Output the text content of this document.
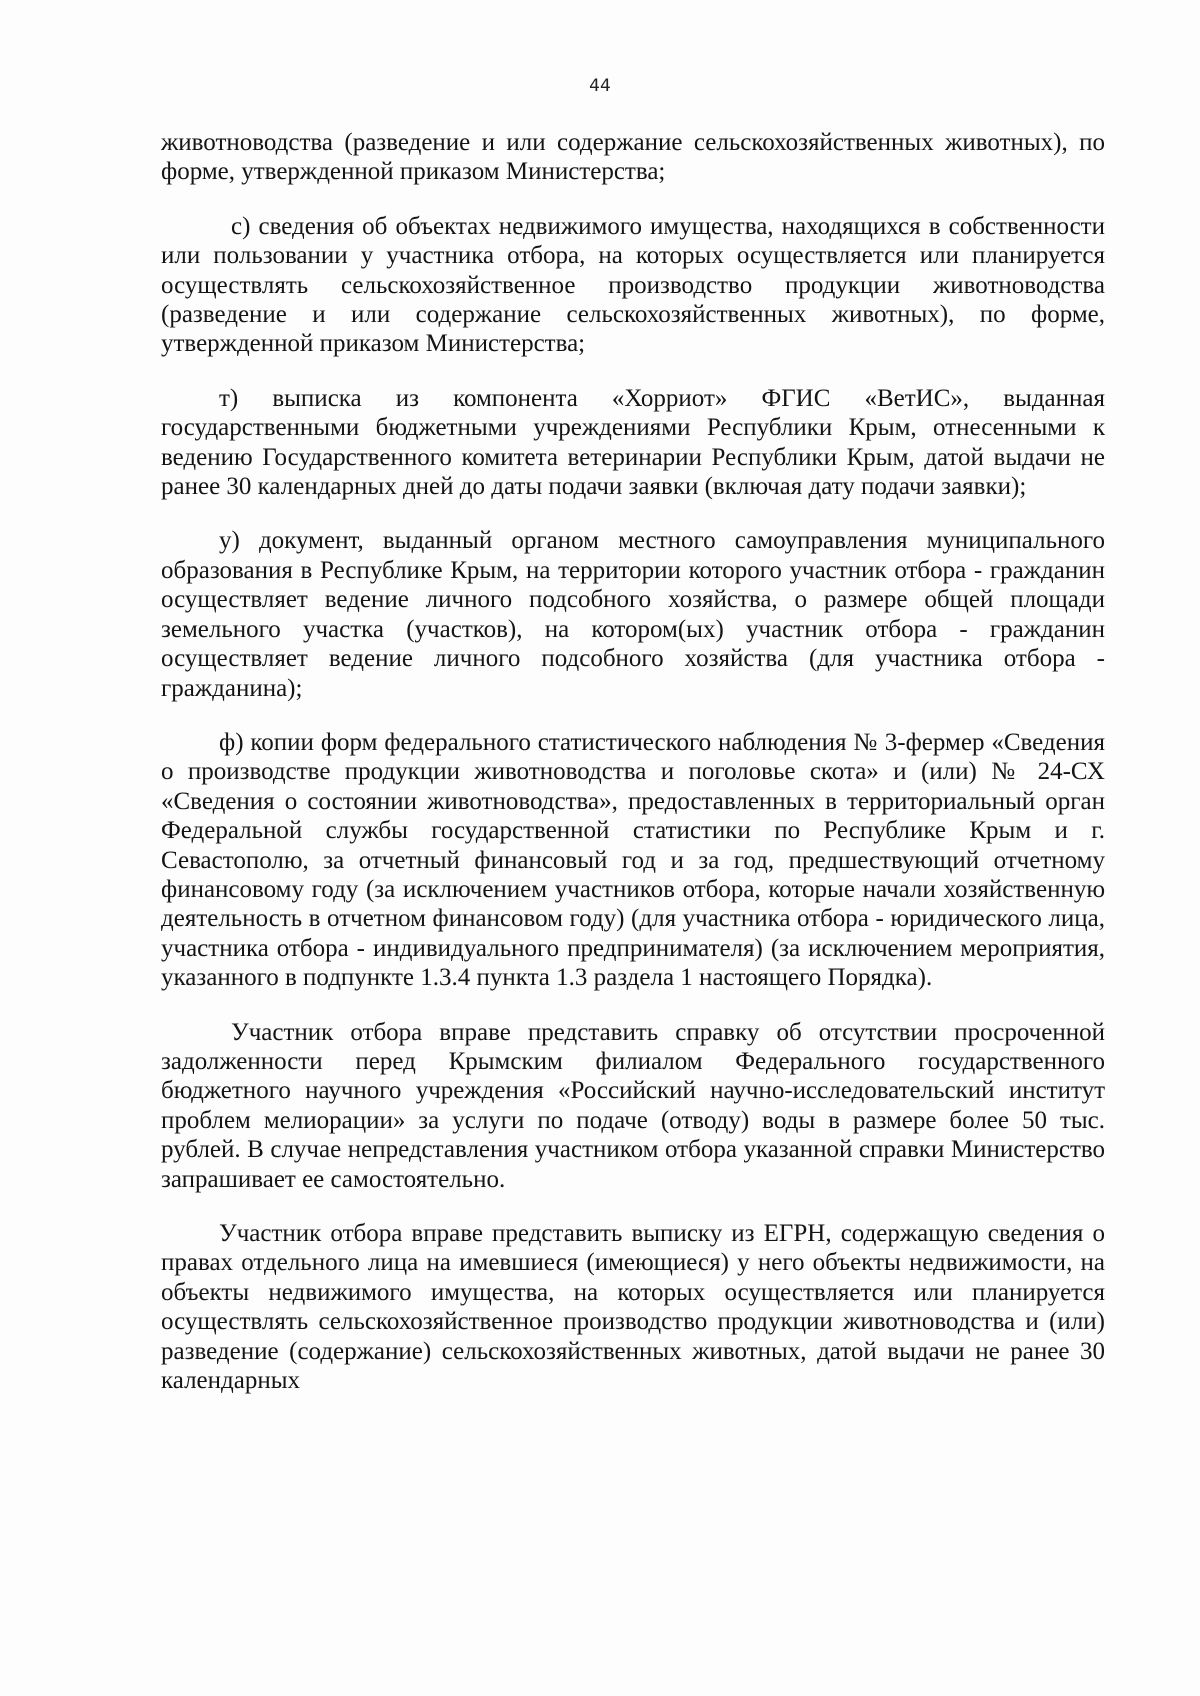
44

животноводства (разведение и или содержание сельскохозяйственных животных), по форме, утвержденной приказом Министерства;

с) сведения об объектах недвижимого имущества, находящихся в собственности или пользовании у участника отбора, на которых осуществляется или планируется осуществлять сельскохозяйственное производство продукции животноводства (разведение и или содержание сельскохозяйственных животных), по форме, утвержденной приказом Министерства;

т) выписка из компонента «Хорриот» ФГИС «ВетИС», выданная государственными бюджетными учреждениями Республики Крым, отнесенными к ведению Государственного комитета ветеринарии Республики Крым, датой выдачи не ранее 30 календарных дней до даты подачи заявки (включая дату подачи заявки);

у) документ, выданный органом местного самоуправления муниципального образования в Республике Крым, на территории которого участник отбора - гражданин осуществляет ведение личного подсобного хозяйства, о размере общей площади земельного участка (участков), на котором(ых) участник отбора - гражданин осуществляет ведение личного подсобного хозяйства (для участника отбора - гражданина);

ф) копии форм федерального статистического наблюдения № 3-фермер «Сведения о производстве продукции животноводства и поголовье скота» и (или) № 24-СХ «Сведения о состоянии животноводства», предоставленных в территориальный орган Федеральной службы государственной статистики по Республике Крым и г. Севастополю, за отчетный финансовый год и за год, предшествующий отчетному финансовому году (за исключением участников отбора, которые начали хозяйственную деятельность в отчетном финансовом году) (для участника отбора - юридического лица, участника отбора - индивидуального предпринимателя) (за исключением мероприятия, указанного в подпункте 1.3.4 пункта 1.3 раздела 1 настоящего Порядка).

Участник отбора вправе представить справку об отсутствии просроченной задолженности перед Крымским филиалом Федерального государственного бюджетного научного учреждения «Российский научно-исследовательский институт проблем мелиорации» за услуги по подаче (отводу) воды в размере более 50 тыс. рублей. В случае непредставления участником отбора указанной справки Министерство запрашивает ее самостоятельно.

Участник отбора вправе представить выписку из ЕГРН, содержащую сведения о правах отдельного лица на имевшиеся (имеющиеся) у него объекты недвижимости, на объекты недвижимого имущества, на которых осуществляется или планируется осуществлять сельскохозяйственное производство продукции животноводства и (или) разведение (содержание) сельскохозяйственных животных, датой выдачи не ранее 30 календарных
